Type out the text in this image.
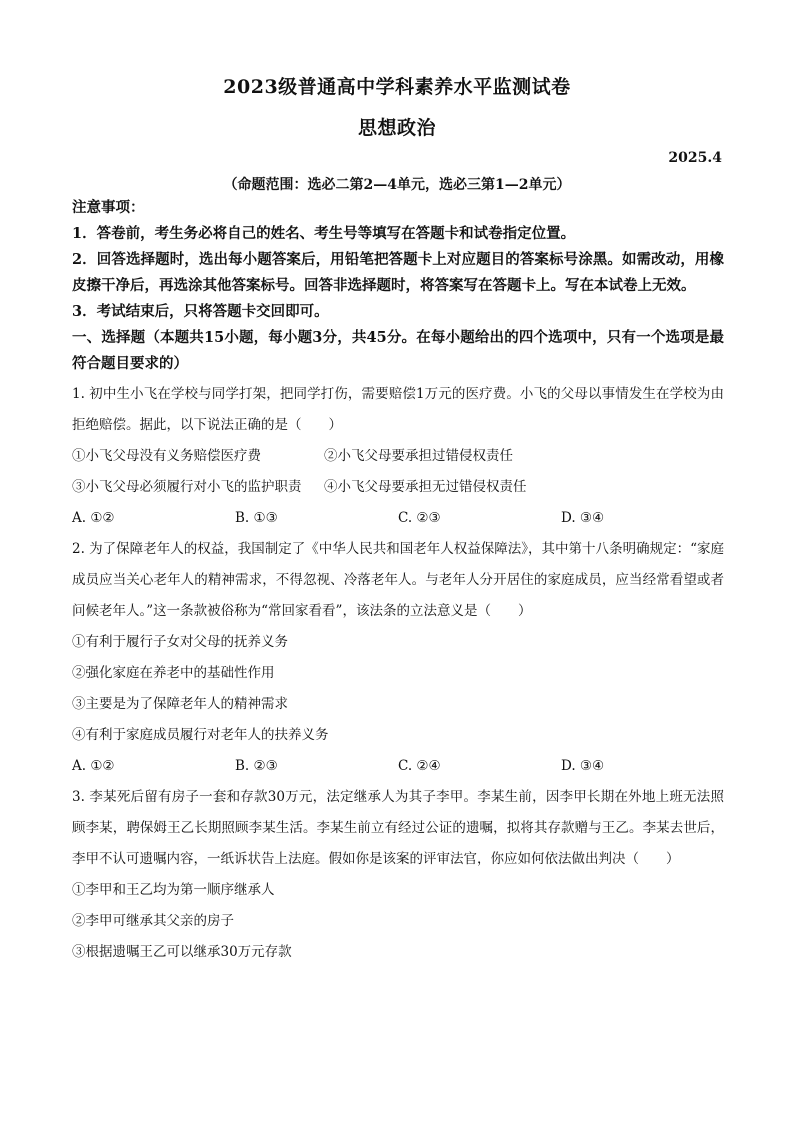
2023级普通高中学科素养水平监测试卷
思想政治
2025.4
（命题范围：选必二第2—4单元，选必三第1—2单元）
注意事项：
1．答卷前，考生务必将自己的姓名、考生号等填写在答题卡和试卷指定位置。
2．回答选择题时，选出每小题答案后，用铅笔把答题卡上对应题目的答案标号涂黑。如需改动，用橡皮擦干净后，再选涂其他答案标号。回答非选择题时，将答案写在答题卡上。写在本试卷上无效。
3．考试结束后，只将答题卡交回即可。
一、选择题（本题共15小题，每小题3分，共45分。在每小题给出的四个选项中，只有一个选项是最符合题目要求的）
1. 初中生小飞在学校与同学打架，把同学打伤，需要赔偿1万元的医疗费。小飞的父母以事情发生在学校为由拒绝赔偿。据此，以下说法正确的是（　　）
①小飞父母没有义务赔偿医疗费	②小飞父母要承担过错侵权责任
③小飞父母必须履行对小飞的监护职责	④小飞父母要承担无过错侵权责任
A. ①②	B. ①③	C. ②③	D. ③④
2. 为了保障老年人的权益，我国制定了《中华人民共和国老年人权益保障法》，其中第十八条明确规定：“家庭成员应当关心老年人的精神需求，不得忽视、冷落老年人。与老年人分开居住的家庭成员，应当经常看望或者问候老年人。”这一条款被俗称为“常回家看看”，该法条的立法意义是（　　）
①有利于履行子女对父母的抚养义务
②强化家庭在养老中的基础性作用
③主要是为了保障老年人的精神需求
④有利于家庭成员履行对老年人的扶养义务
A. ①②	B. ②③	C. ②④	D. ③④
3. 李某死后留有房子一套和存款30万元，法定继承人为其子李甲。李某生前，因李甲长期在外地上班无法照顾李某，聘保姆王乙长期照顾李某生活。李某生前立有经过公证的遗嘱，拟将其存款赠与王乙。李某去世后，李甲不认可遗嘱内容，一纸诉状告上法庭。假如你是该案的评审法官，你应如何依法做出判决（　　）
①李甲和王乙均为第一顺序继承人
②李甲可继承其父亲的房子
③根据遗嘱王乙可以继承30万元存款
